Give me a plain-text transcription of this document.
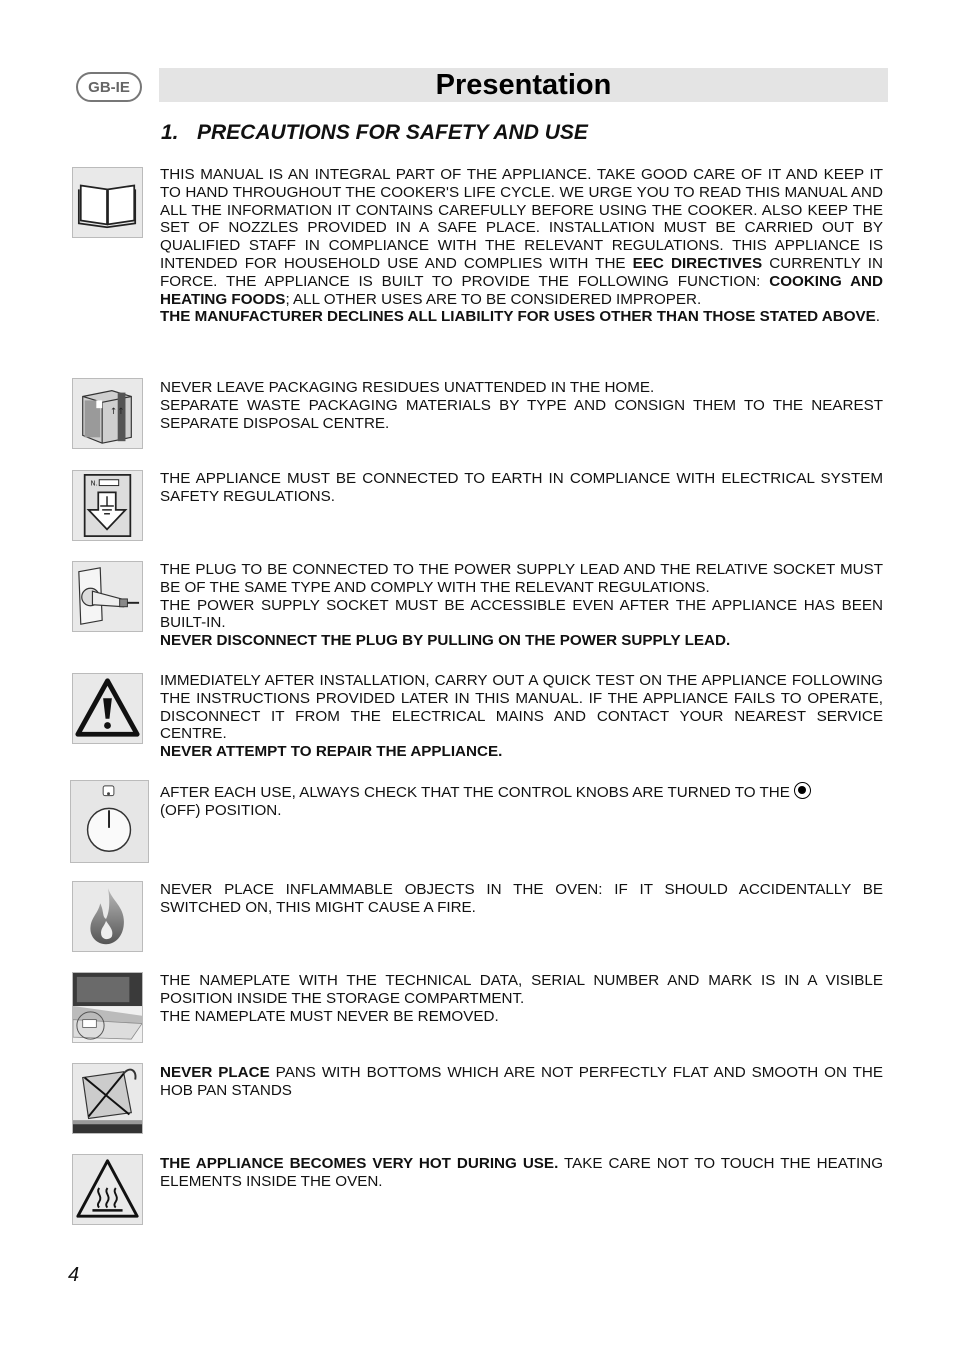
GB-IE	Presentation
1. PRECAUTIONS FOR SAFETY AND USE

THIS MANUAL IS AN INTEGRAL PART OF THE APPLIANCE. TAKE GOOD CARE OF IT AND KEEP IT TO HAND THROUGHOUT THE COOKER'S LIFE CYCLE. WE URGE YOU TO READ THIS MANUAL AND ALL THE INFORMATION IT CONTAINS CAREFULLY BEFORE USING THE COOKER. ALSO KEEP THE SET OF NOZZLES PROVIDED IN A SAFE PLACE. INSTALLATION MUST BE CARRIED OUT BY QUALIFIED STAFF IN COMPLIANCE WITH THE RELEVANT REGULATIONS. THIS APPLIANCE IS INTENDED FOR HOUSEHOLD USE AND COMPLIES WITH THE EEC DIRECTIVES CURRENTLY IN FORCE. THE APPLIANCE IS BUILT TO PROVIDE THE FOLLOWING FUNCTION: COOKING AND HEATING FOODS; ALL OTHER USES ARE TO BE CONSIDERED IMPROPER.

THE MANUFACTURER DECLINES ALL LIABILITY FOR USES OTHER THAN THOSE STATED ABOVE.

↑↑

NEVER LEAVE PACKAGING RESIDUES UNATTENDED IN THE HOME.

SEPARATE WASTE PACKAGING MATERIALS BY TYPE AND CONSIGN THEM TO THE NEAREST SEPARATE DISPOSAL CENTRE.

N.	THE APPLIANCE MUST BE CONNECTED TO EARTH IN COMPLIANCE WITH ELECTRICAL SYSTEM SAFETY REGULATIONS.

THE PLUG TO BE CONNECTED TO THE POWER SUPPLY LEAD AND THE RELATIVE SOCKET MUST BE OF THE SAME TYPE AND COMPLY WITH THE RELEVANT REGULATIONS.

THE POWER SUPPLY SOCKET MUST BE ACCESSIBLE EVEN AFTER THE APPLIANCE HAS BEEN BUILT-IN.

NEVER DISCONNECT THE PLUG BY PULLING ON THE POWER SUPPLY LEAD.

IMMEDIATELY AFTER INSTALLATION, CARRY OUT A QUICK TEST ON THE APPLIANCE FOLLOWING THE INSTRUCTIONS PROVIDED LATER IN THIS MANUAL. IF THE APPLIANCE FAILS TO OPERATE, DISCONNECT IT FROM THE ELECTRICAL MAINS AND CONTACT YOUR NEAREST SERVICE CENTRE.

NEVER ATTEMPT TO REPAIR THE APPLIANCE.

AFTER EACH USE, ALWAYS CHECK THAT THE CONTROL KNOBS ARE TURNED TO THE

(OFF) POSITION.

NEVER PLACE INFLAMMABLE OBJECTS IN THE OVEN: IF IT SHOULD ACCIDENTALLY BE SWITCHED ON, THIS MIGHT CAUSE A FIRE.

THE NAMEPLATE WITH THE TECHNICAL DATA, SERIAL NUMBER AND MARK IS IN A VISIBLE POSITION INSIDE THE STORAGE COMPARTMENT.

THE NAMEPLATE MUST NEVER BE REMOVED.

NEVER PLACE PANS WITH BOTTOMS WHICH ARE NOT PERFECTLY FLAT AND SMOOTH ON THE HOB PAN STANDS

THE APPLIANCE BECOMES VERY HOT DURING USE. TAKE CARE NOT TO TOUCH THE HEATING ELEMENTS INSIDE THE OVEN.

4
